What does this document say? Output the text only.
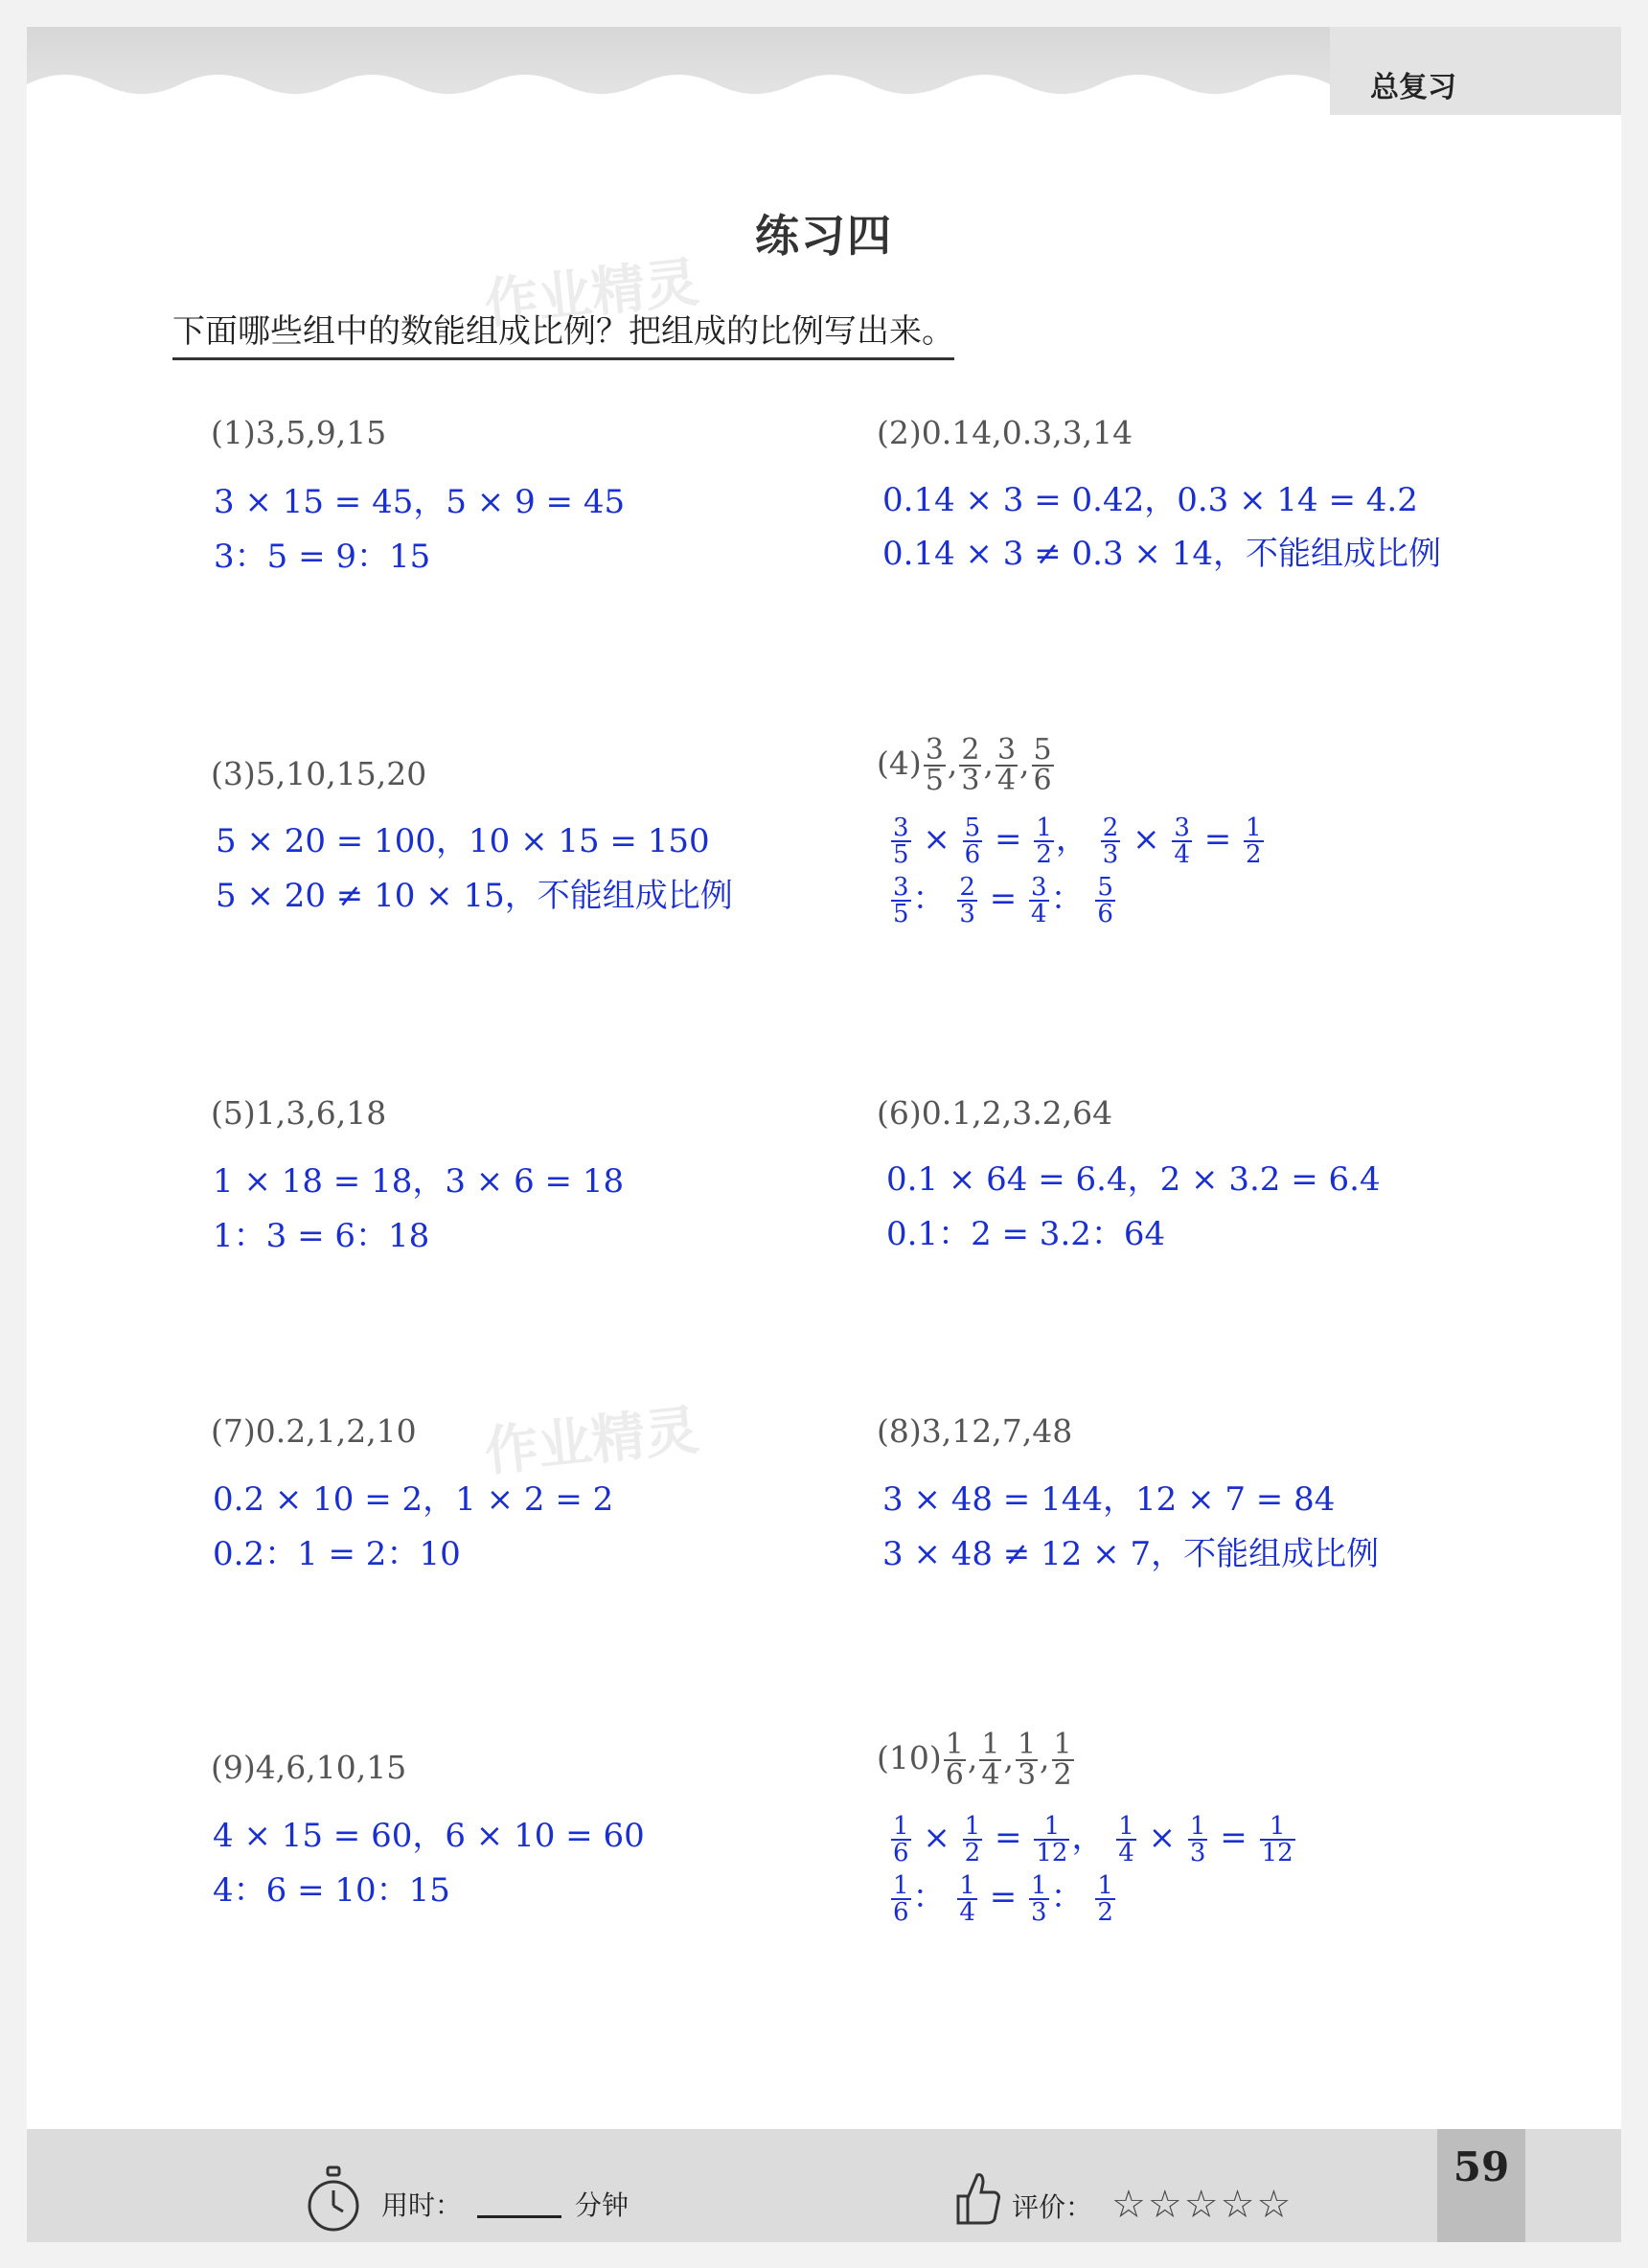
总复习
练习四
作业精灵
作业精灵
下面哪些组中的数能组成比例？把组成的比例写出来。
(1)3,5,9,15
3 × 15 = 45，5 × 9 = 45
3：5 = 9：15
(2)0.14,0.3,3,14
0.14 × 3 = 0.42，0.3 × 14 = 4.2
0.14 × 3 ≠ 0.3 × 14，不能组成比例
(3)5,10,15,20
5 × 20 = 100，10 × 15 = 150
5 × 20 ≠ 10 × 15，不能组成比例
$(4) \frac{3}{5}$ , $\frac{2}{3}$ , $\frac{3}{4}$ , $\frac{5}{6}$
$\frac{3}{5} \times \frac{5}{6} = \frac{1}{2}$ ， $\frac{2}{3} \times \frac{3}{4} = \frac{1}{2}$
$\frac{3}{5}$ ： $\frac{2}{3} = \frac{3}{4}$ ： $\frac{5}{6}$
(5)1,3,6,18
1 × 18 = 18，3 × 6 = 18
1：3 = 6：18
(6)0.1,2,3.2,64
0.1 × 64 = 6.4，2 × 3.2 = 6.4
0.1：2 = 3.2：64
(7)0.2,1,2,10
0.2 × 10 = 2，1 × 2 = 2
0.2：1 = 2：10
(8)3,12,7,48
3 × 48 = 144，12 × 7 = 84
3 × 48 ≠ 12 × 7，不能组成比例
(9)4,6,10,15
4 × 15 = 60，6 × 10 = 60
4：6 = 10：15
$(10) \frac{1}{6}$ , $\frac{1}{4}$ , $\frac{1}{3}$ , $\frac{1}{2}$
$\frac{1}{6} \times \frac{1}{2} = \frac{1}{12}$ ， $\frac{1}{4} \times \frac{1}{3} = \frac{1}{12}$
$\frac{1}{6}$ ： $\frac{1}{4} = \frac{1}{3}$ ： $\frac{1}{2}$
用时：	分钟	评价： ☆☆☆☆☆
59
